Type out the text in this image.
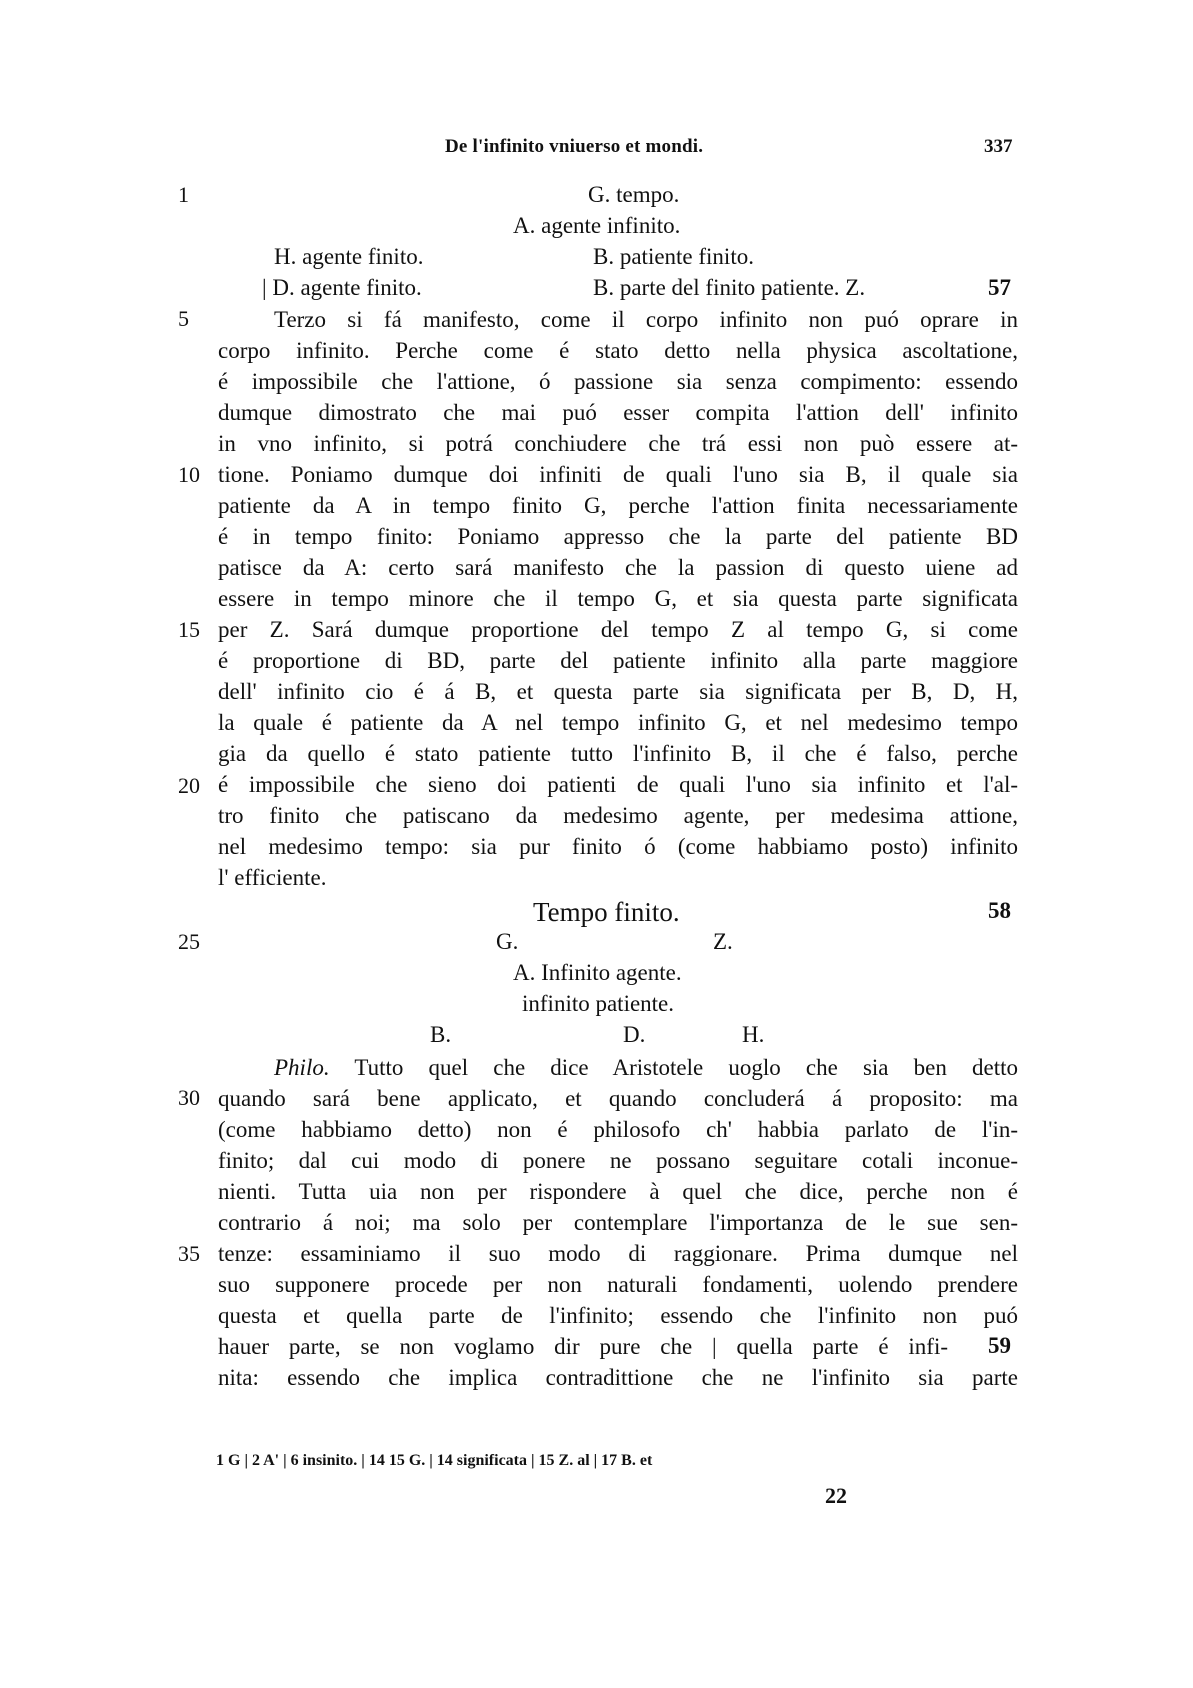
De l'infinito vniuerso et mondi.	337
1
5
10
15
20
25
30
35
G. tempo.
A. agente infinito.
H. agente finito.	B. patiente finito.
| D. agente finito.	B. parte del finito patiente. Z.	57
Terzo si fá manifesto, come il corpo infinito non puó oprare in
corpo infinito. Perche come é stato detto nella physica ascoltatione,
é impossibile che l'attione, ó passione sia senza compimento: essendo
dumque dimostrato che mai puó esser compita l'attion dell' infinito
in vno infinito, si potrá conchiudere che trá essi non può essere at-
tione. Poniamo dumque doi infiniti de quali l'uno sia B, il quale sia
patiente da A in tempo finito G, perche l'attion finita necessariamente
é in tempo finito: Poniamo appresso che la parte del patiente BD
patisce da A: certo sará manifesto che la passion di questo uiene ad
essere in tempo minore che il tempo G, et sia questa parte significata
per Z. Sará dumque proportione del tempo Z al tempo G, si come
é proportione di BD, parte del patiente infinito alla parte maggiore
dell' infinito cio é á B, et questa parte sia significata per B, D, H,
la quale é patiente da A nel tempo infinito G, et nel medesimo tempo
gia da quello é stato patiente tutto l'infinito B, il che é falso, perche
é impossibile che sieno doi patienti de quali l'uno sia infinito et l'al-
tro finito che patiscano da medesimo agente, per medesima attione,
nel medesimo tempo: sia pur finito ó (come habbiamo posto) infinito
l' efficiente.
Tempo finito.	58
G.	Z.
A. Infinito agente.
infinito patiente.
B.	D.	H.
Philo. Tutto quel che dice Aristotele uoglo che sia ben detto
quando sará bene applicato, et quando concluderá á proposito: ma
(come habbiamo detto) non é philosofo ch' habbia parlato de l'in-
finito; dal cui modo di ponere ne possano seguitare cotali inconue-
nienti. Tutta uia non per rispondere à quel che dice, perche non é
contrario á noi; ma solo per contemplare l'importanza de le sue sen-
tenze: essaminiamo il suo modo di raggionare. Prima dumque nel
suo supponere procede per non naturali fondamenti, uolendo prendere
questa et quella parte de l'infinito; essendo che l'infinito non puó
hauer parte, se non voglamo dir pure che | quella parte é infi-
nita: essendo che implica contradittione che ne l'infinito sia parte
59
1 G | 2 A' | 6 insinito. | 14 15 G. | 14 significata | 15 Z. al | 17 B. et
22
